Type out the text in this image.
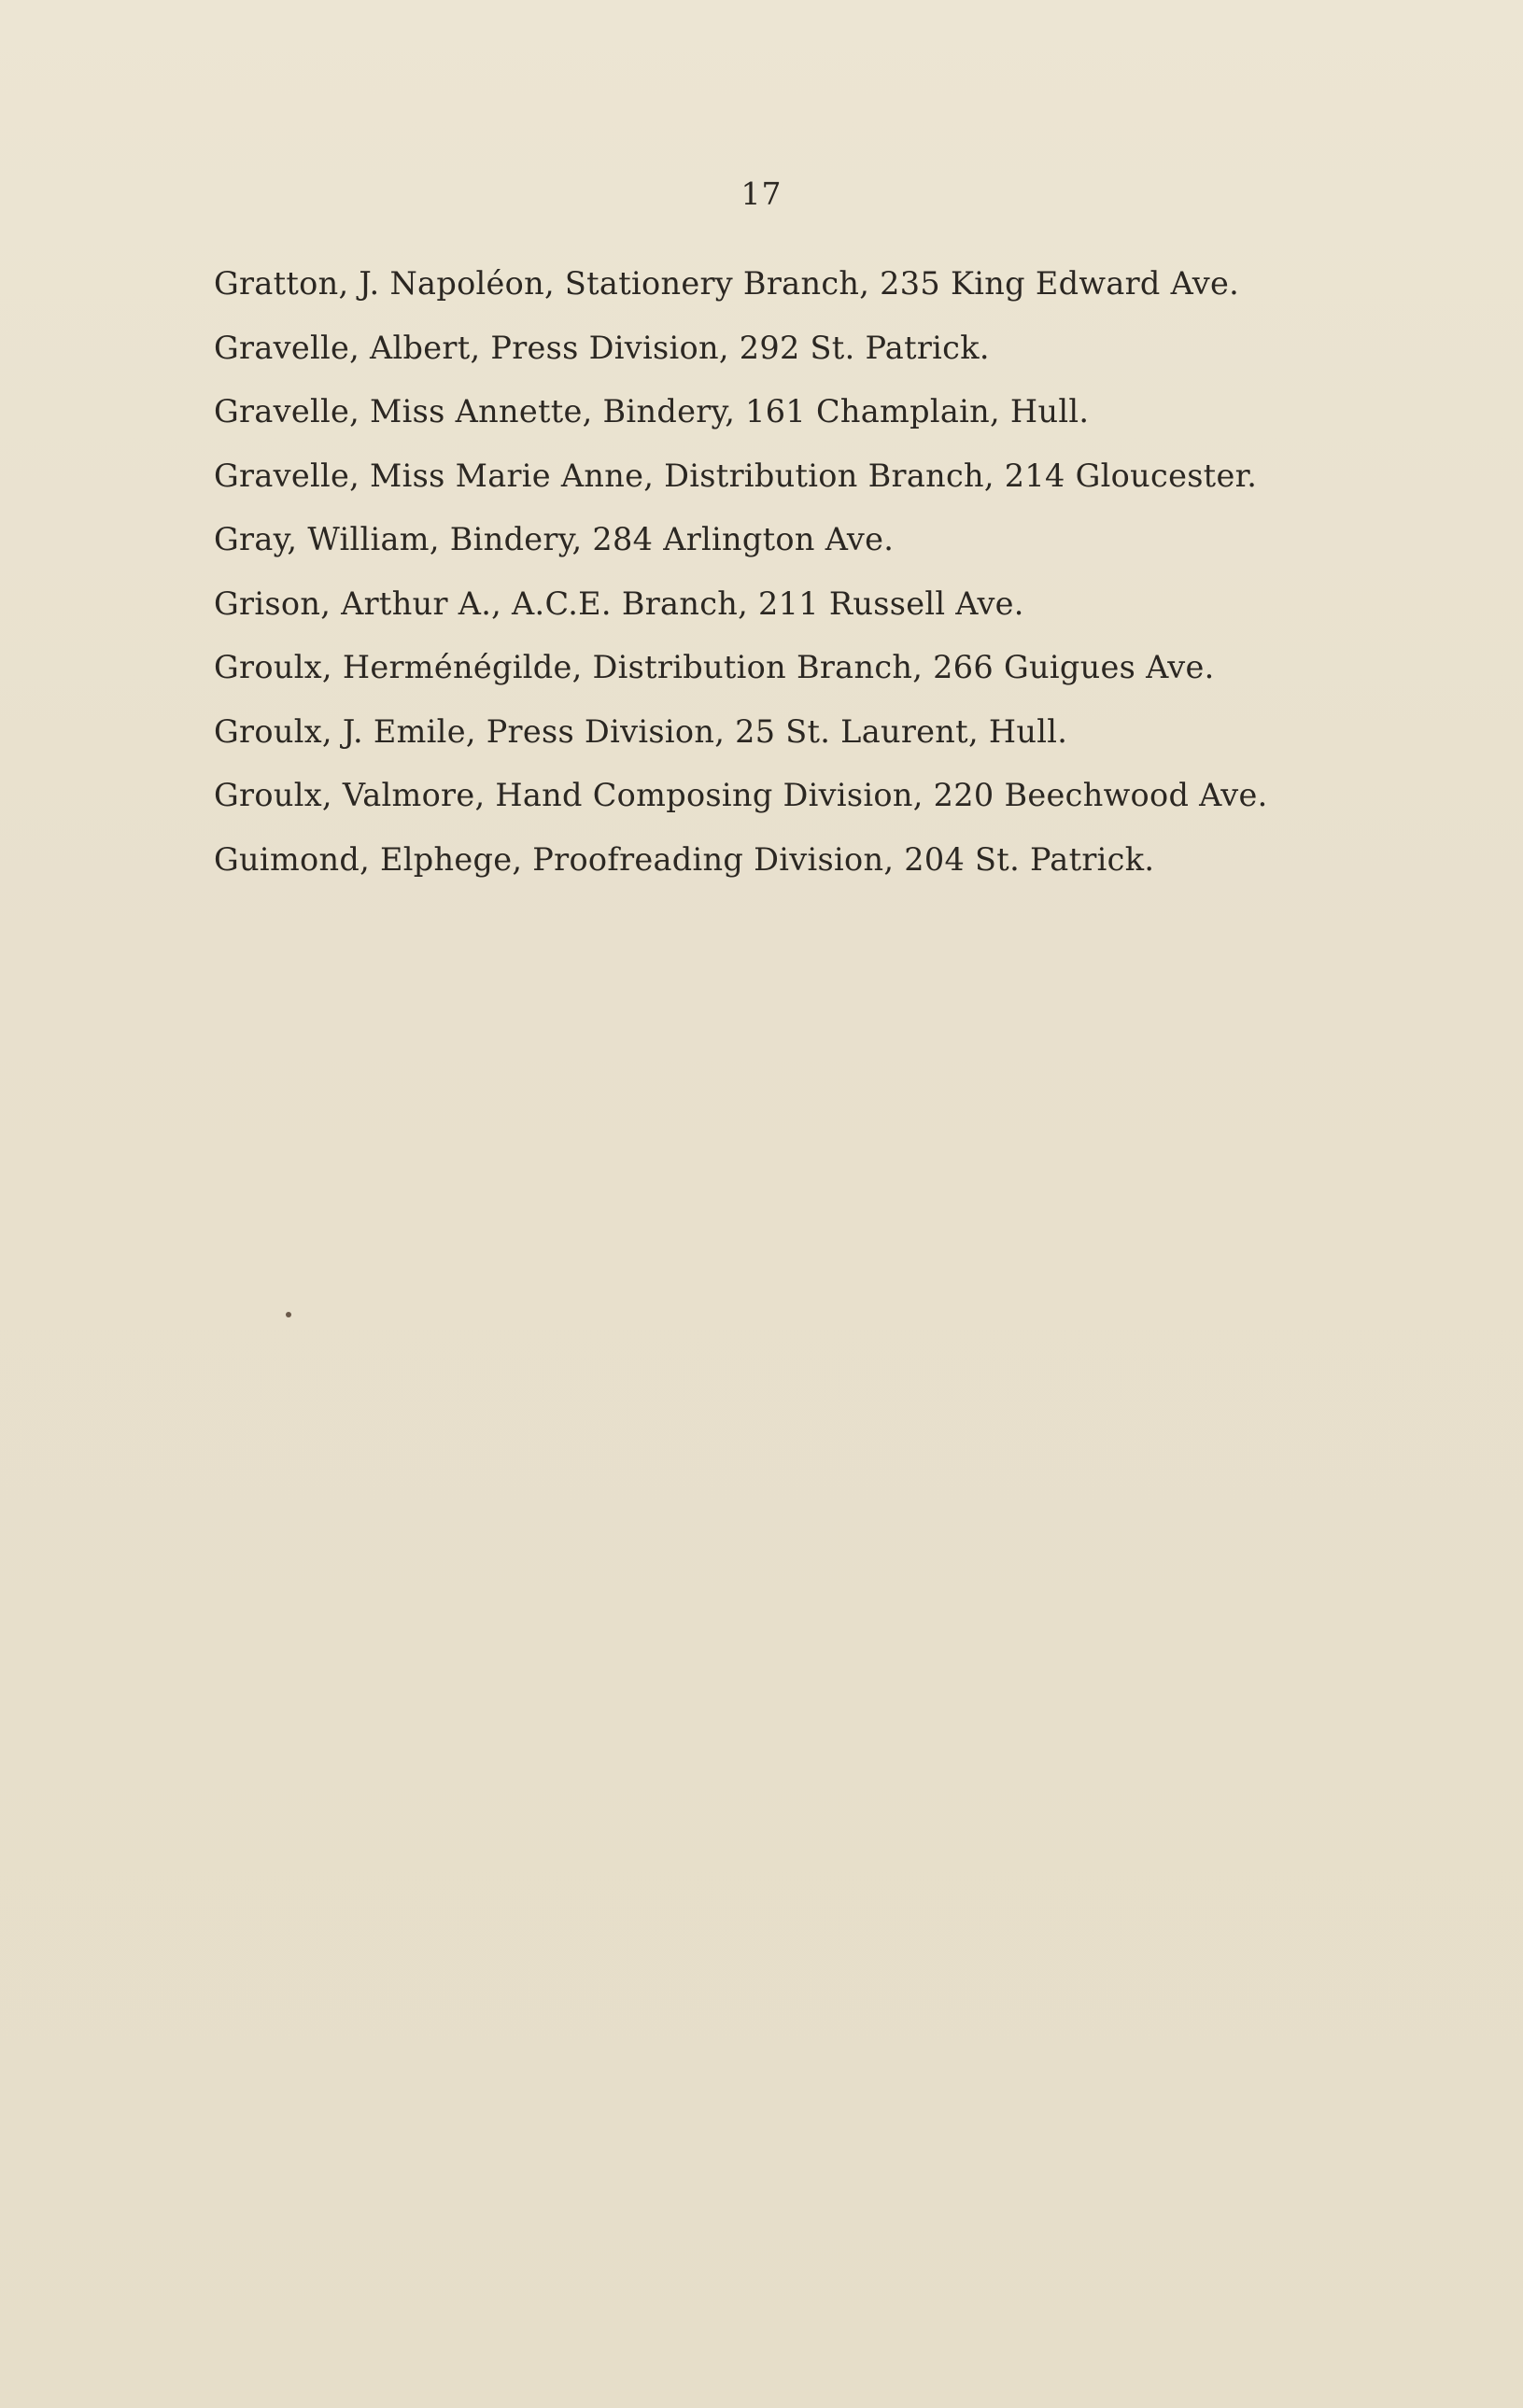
17
Gratton, J. Napoléon, Stationery Branch, 235 King Edward Ave.
Gravelle, Albert, Press Division, 292 St. Patrick.
Gravelle, Miss Annette, Bindery, 161 Champlain, Hull.
Gravelle, Miss Marie Anne, Distribution Branch, 214 Gloucester.
Gray, William, Bindery, 284 Arlington Ave.
Grison, Arthur A., A.C.E. Branch, 211 Russell Ave.
Groulx, Herménégilde, Distribution Branch, 266 Guigues Ave.
Groulx, J. Emile, Press Division, 25 St. Laurent, Hull.
Groulx, Valmore, Hand Composing Division, 220 Beechwood Ave.
Guimond, Elphege, Proofreading Division, 204 St. Patrick.
